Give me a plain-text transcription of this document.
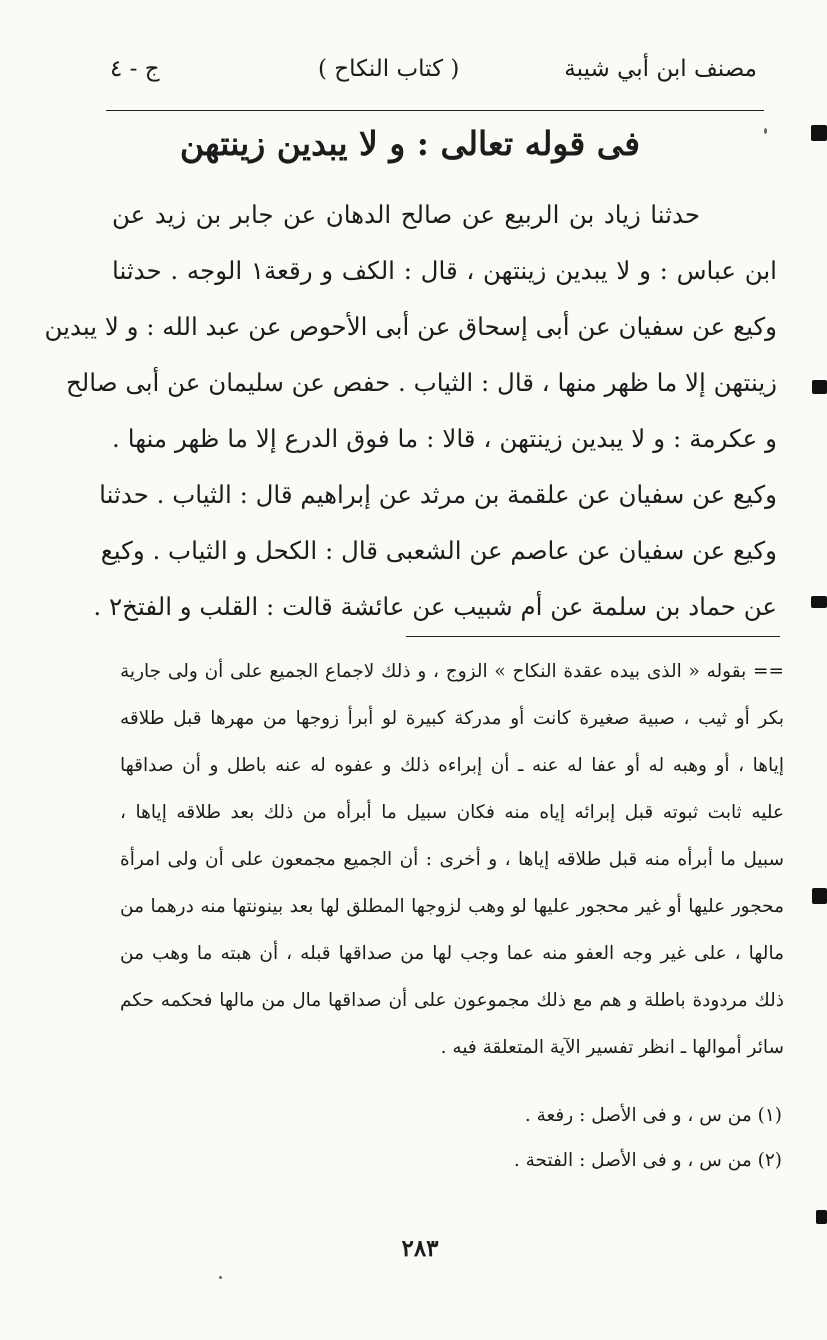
مصنف ابن أبي شيبة
( كتاب النكاح )
ج - ٤
فى قوله تعالى : و لا يبدين زينتهن
حدثنا زياد بن الربيع عن صالح الدهان عن جابر بن زيد عن
ابن عباس : و لا يبدين زينتهن ، قال : الكف و رقعة١ الوجه . حدثنا
وكيع عن سفيان عن أبى إسحاق عن أبى الأحوص عن عبد الله : و لا يبدين
زينتهن إلا ما ظهر منها ، قال : الثياب . حفص عن سليمان عن أبى صالح
و عكرمة : و لا يبدين زينتهن ، قالا : ما فوق الدرع إلا ما ظهر منها .
وكيع عن سفيان عن علقمة بن مرثد عن إبراهيم قال : الثياب . حدثنا
وكيع عن سفيان عن عاصم عن الشعبى قال : الكحل و الثياب . وكيع
عن حماد بن سلمة عن أم شبيب عن عائشة قالت : القلب و الفتخ٢ .
== بقوله « الذى بيده عقدة النكاح » الزوج ، و ذلك لاجماع الجميع على أن ولى جارية
بكر أو ثيب ، صبية صغيرة كانت أو مدركة كبيرة لو أبرأ زوجها من مهرها قبل طلاقه
إياها ، أو وهبه له أو عفا له عنه ـ أن إبراءه ذلك و عفوه له عنه باطل و أن صداقها
عليه ثابت ثبوته قبل إبرائه إياه منه فكان سبيل ما أبرأه من ذلك بعد طلاقه إياها ،
سبيل ما أبرأه منه قبل طلاقه إياها ، و أخرى : أن الجميع مجمعون على أن ولى امرأة
محجور عليها أو غير محجور عليها لو وهب لزوجها المطلق لها بعد بينونتها منه درهما من
مالها ، على غير وجه العفو منه عما وجب لها من صداقها قبله ، أن هبته ما وهب من
ذلك مردودة باطلة و هم مع ذلك مجموعون على أن صداقها مال من مالها فحكمه حكم
سائر أموالها ـ انظر تفسير الآية المتعلقة فيه .
(١) من س ، و فى الأصل : رفعة .
(٢) من س ، و فى الأصل : الفتحة .
٢٨٣
